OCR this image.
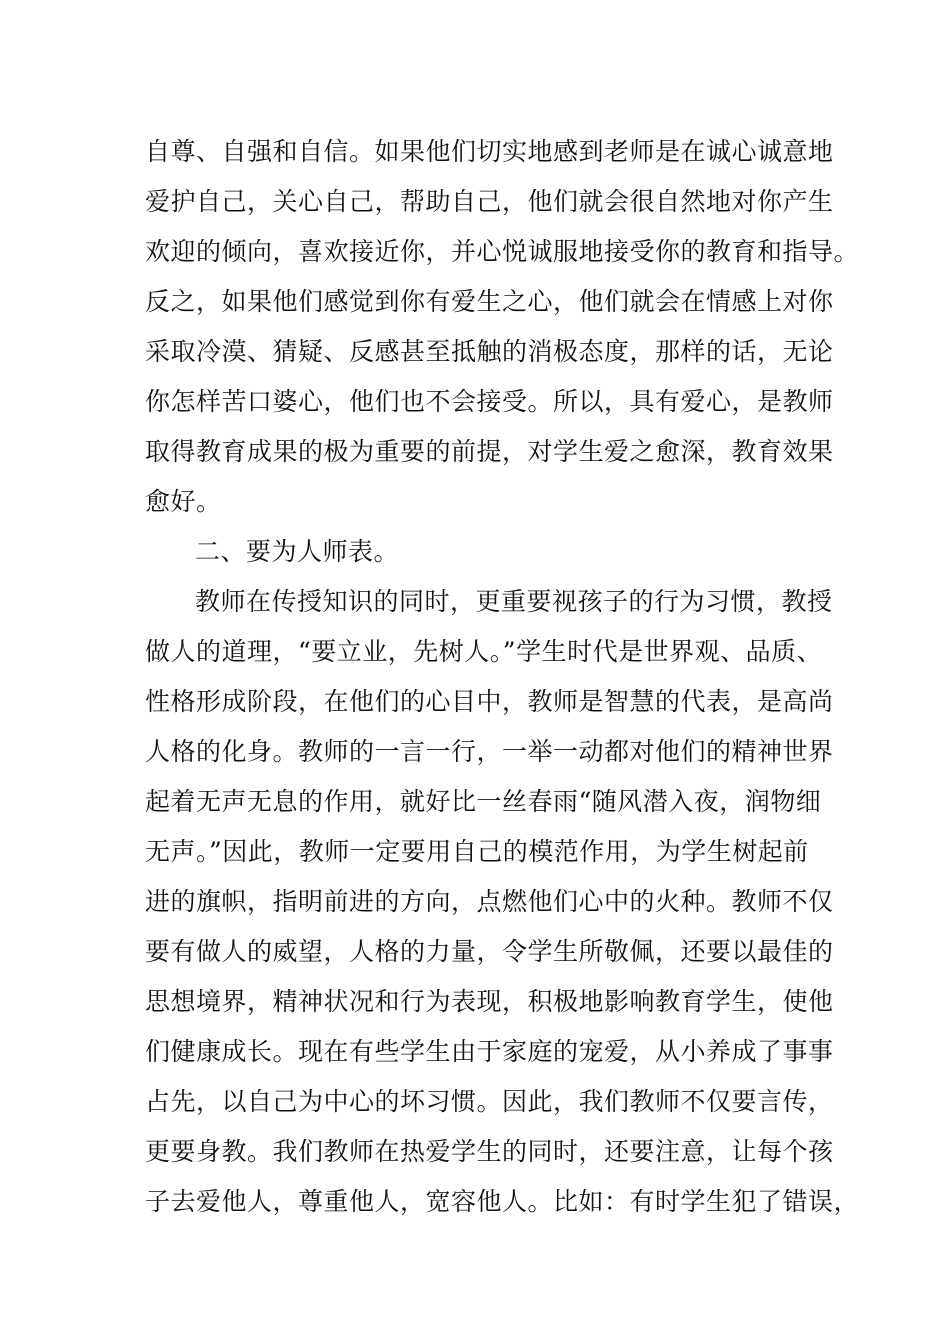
自尊、自强和自信。如果他们切实地感到老师是在诚心诚意地
爱护自己，关心自己，帮助自己，他们就会很自然地对你产生
欢迎的倾向，喜欢接近你，并心悦诚服地接受你的教育和指导。
反之，如果他们感觉到你有爱生之心，他们就会在情感上对你
采取冷漠、猜疑、反感甚至抵触的消极态度，那样的话，无论
你怎样苦口婆心，他们也不会接受。所以，具有爱心，是教师
取得教育成果的极为重要的前提，对学生爱之愈深，教育效果
愈好。
二、要为人师表。
教师在传授知识的同时，更重要视孩子的行为习惯，教授
做人的道理，“要立业，先树人。”学生时代是世界观、品质、
性格形成阶段，在他们的心目中，教师是智慧的代表，是高尚
人格的化身。教师的一言一行，一举一动都对他们的精神世界
起着无声无息的作用，就好比一丝春雨“随风潜入夜，润物细
无声。”因此，教师一定要用自己的模范作用，为学生树起前
进的旗帜，指明前进的方向，点燃他们心中的火种。教师不仅
要有做人的威望，人格的力量，令学生所敬佩，还要以最佳的
思想境界，精神状况和行为表现，积极地影响教育学生，使他
们健康成长。现在有些学生由于家庭的宠爱，从小养成了事事
占先，以自己为中心的坏习惯。因此，我们教师不仅要言传，
更要身教。我们教师在热爱学生的同时，还要注意，让每个孩
子去爱他人，尊重他人，宽容他人。比如：有时学生犯了错误，
